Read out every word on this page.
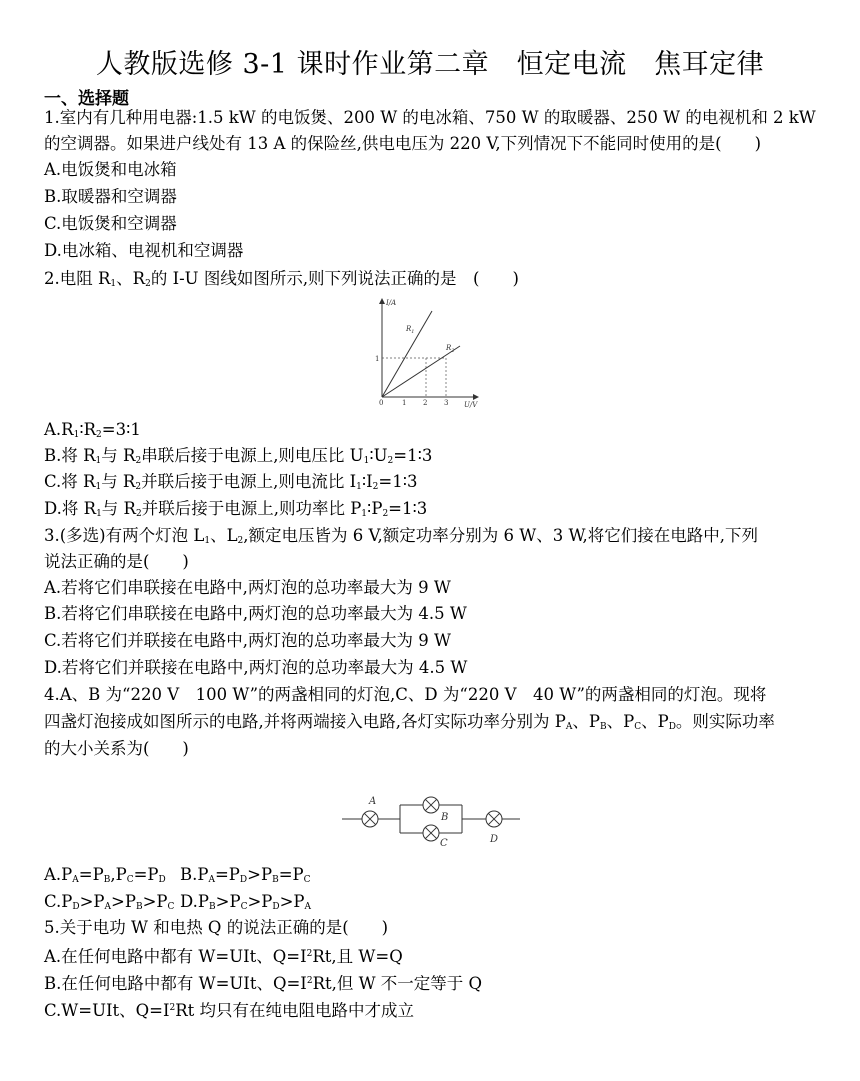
人教版选修 3-1 课时作业第二章　恒定电流　焦耳定律
一、选择题
1.室内有几种用电器:1.5 kW 的电饭煲、200 W 的电冰箱、750 W 的取暖器、250 W 的电视机和 2 kW
的空调器。如果进户线处有 13 A 的保险丝,供电电压为 220 V,下列情况下不能同时使用的是(　　)
A.电饭煲和电冰箱
B.取暖器和空调器
C.电饭煲和空调器
D.电冰箱、电视机和空调器
2.电阻 $R_1$、$R_2$的 I-U 图线如图所示,则下列说法正确的是　(　　)
I/A
U/V
0	1 2 3
1
$R_1$
$R_2$
$A.R_1∶R_2=3∶1$
B.将 $R_1$与 $R_2$串联后接于电源上,则电压比 $U_1∶U_2=1∶3$
C.将 $R_1$与 $R_2$并联后接于电源上,则电流比 $I_1∶I_2=1∶3$
D.将 $R_1$与 $R_2$并联后接于电源上,则功率比 $P_1∶P_2=1∶3$
3.(多选)有两个灯泡 $L_1$、$L_2$,额定电压皆为 6 V,额定功率分别为 6 W、3 W,将它们接在电路中,下列
说法正确的是(　　)
A.若将它们串联接在电路中,两灯泡的总功率最大为 9 W
B.若将它们串联接在电路中,两灯泡的总功率最大为 4.5 W
C.若将它们并联接在电路中,两灯泡的总功率最大为 9 W
D.若将它们并联接在电路中,两灯泡的总功率最大为 4.5 W
4.A、B 为“220 V　100 W”的两盏相同的灯泡,C、D 为“220 V　40 W”的两盏相同的灯泡。现将
四盏灯泡接成如图所示的电路,并将两端接入电路,各灯实际功率分别为 $P_A$、$P_B$、$P_C$、$P_D$。则实际功率
的大小关系为(　　)
A
B
C	D
$A.P_A=P_B,P_C=P_D$ $B.P_A=P_D>P_B=P_C$
$C.P_D>P_A>P_B>P_C$ $D.P_B>P_C>P_D>P_A$
5.关于电功 W 和电热 Q 的说法正确的是(　　)
A.在任何电路中都有 W=UIt、$Q=I^2Rt$,且 W=Q
B.在任何电路中都有 W=UIt、$Q=I^2Rt$,但 W 不一定等于 Q
C.W=UIt、$Q=I^2Rt$ 均只有在纯电阻电路中才成立
